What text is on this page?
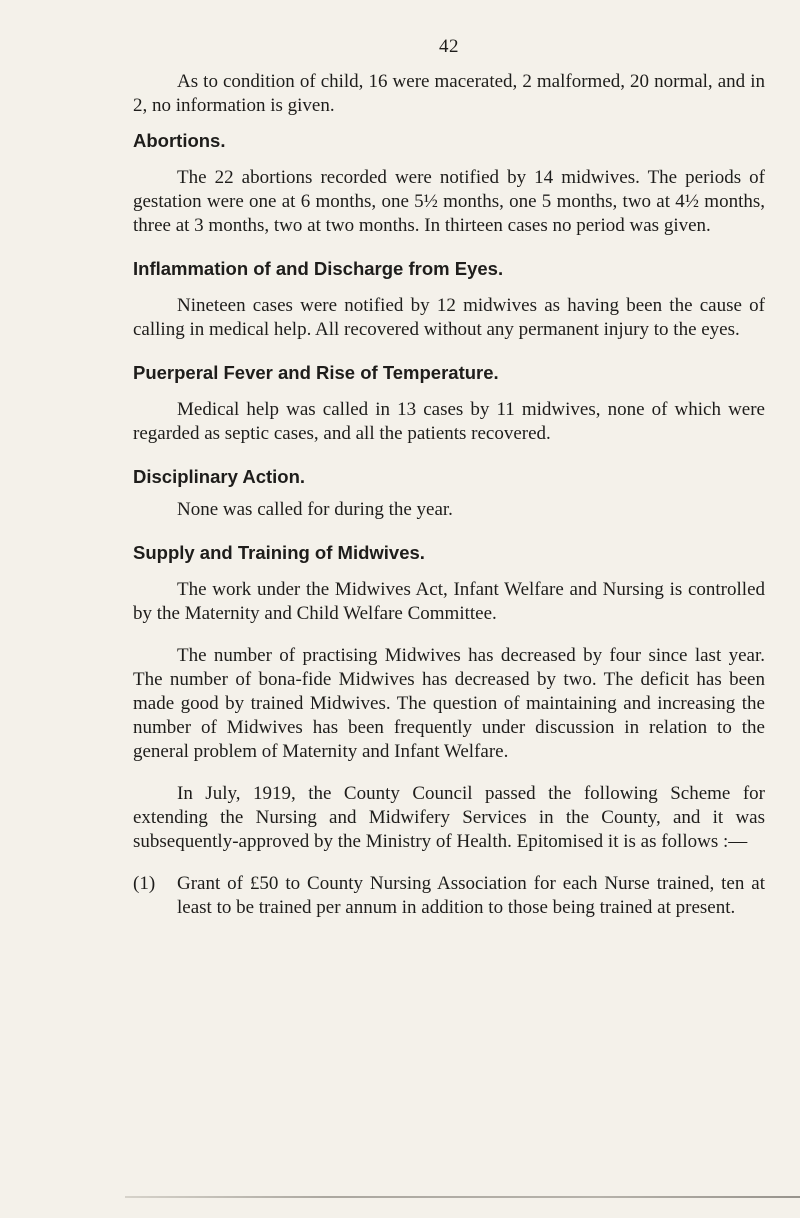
42

As to condition of child, 16 were macerated, 2 malformed, 20 normal, and in 2, no information is given.

Abortions.

The 22 abortions recorded were notified by 14 midwives. The periods of gestation were one at 6 months, one 5½ months, one 5 months, two at 4½ months, three at 3 months, two at two months. In thirteen cases no period was given.

Inflammation of and Discharge from Eyes.

Nineteen cases were notified by 12 midwives as having been the cause of calling in medical help. All recovered without any permanent injury to the eyes.

Puerperal Fever and Rise of Temperature.

Medical help was called in 13 cases by 11 midwives, none of which were regarded as septic cases, and all the patients recovered.

Disciplinary Action.

None was called for during the year.

Supply and Training of Midwives.

The work under the Midwives Act, Infant Welfare and Nursing is controlled by the Maternity and Child Welfare Committee.

The number of practising Midwives has decreased by four since last year. The number of bona-fide Midwives has decreased by two. The deficit has been made good by trained Midwives. The question of maintaining and increasing the number of Midwives has been frequently under discussion in relation to the general problem of Maternity and Infant Welfare.

In July, 1919, the County Council passed the following Scheme for extending the Nursing and Midwifery Services in the County, and it was subsequently-approved by the Ministry of Health. Epitomised it is as follows :—

(1) Grant of £50 to County Nursing Association for each Nurse trained, ten at least to be trained per annum in addition to those being trained at present.
